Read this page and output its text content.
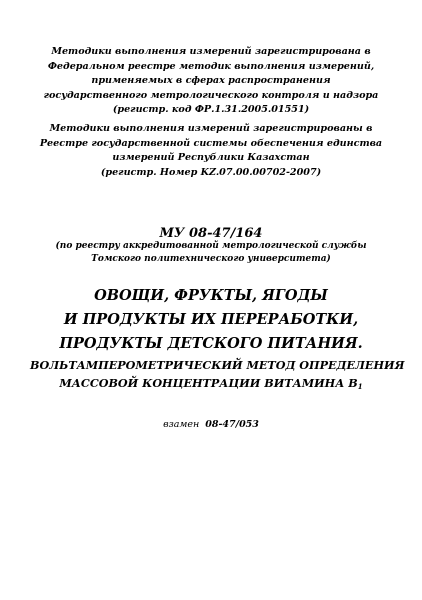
Методики выполнения измерений зарегистрирована в
Федеральном реестре методик выполнения измерений,
применяемых в сферах распространения
государственного метрологического контроля и надзора
(регистр. код ФР.1.31.2005.01551)
Методики выполнения измерений зарегистрированы в
Реестре государственной системы обеспечения единства
измерений Республики Казахстан
(регистр. Номер KZ.07.00.00702-2007)
МУ 08-47/164
(по реестру аккредитованной метрологической службы
Томского политехнического университета)
ОВОЩИ, ФРУКТЫ, ЯГОДЫ
И ПРОДУКТЫ ИХ ПЕРЕРАБОТКИ,
ПРОДУКТЫ ДЕТСКОГО ПИТАНИЯ.
ВОЛЬТАМПЕРОМЕТРИЧЕСКИЙ МЕТОД ОПРЕДЕЛЕНИЯ
МАССОВОЙ КОНЦЕНТРАЦИИ ВИТАМИНА $В_1$
взамен 08-47/053
